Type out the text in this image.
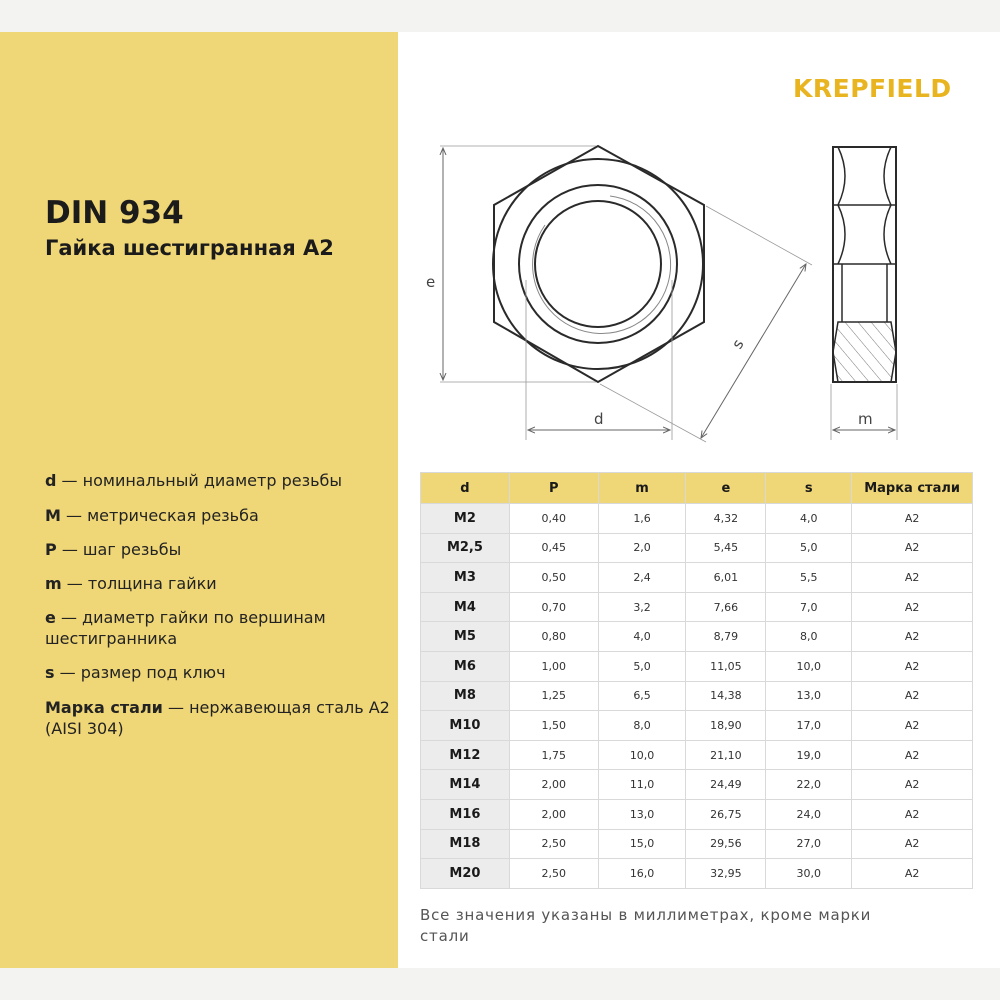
KREPFIELD
DIN 934
Гайка шестигранная А2
d — номинальный диаметр резьбы
M — метрическая резьба
P — шаг резьбы
m — толщина гайки
e — диаметр гайки по вершинам шестигранника
s — размер под ключ
Марка стали — нержавеющая сталь А2 (AISI 304)
e
d
s
m
d	P	m	e	s	Марка стали
M2	0,40	1,6	4,32	4,0	A2
M2,5	0,45	2,0	5,45	5,0	A2
M3	0,50	2,4	6,01	5,5	A2
M4	0,70	3,2	7,66	7,0	A2
M5	0,80	4,0	8,79	8,0	A2
M6	1,00	5,0	11,05	10,0	A2
M8	1,25	6,5	14,38	13,0	A2
M10	1,50	8,0	18,90	17,0	A2
M12	1,75	10,0	21,10	19,0	A2
M14	2,00	11,0	24,49	22,0	A2
M16	2,00	13,0	26,75	24,0	A2
M18	2,50	15,0	29,56	27,0	A2
M20	2,50	16,0	32,95	30,0	A2
Все значения указаны в миллиметрах, кроме марки стали
